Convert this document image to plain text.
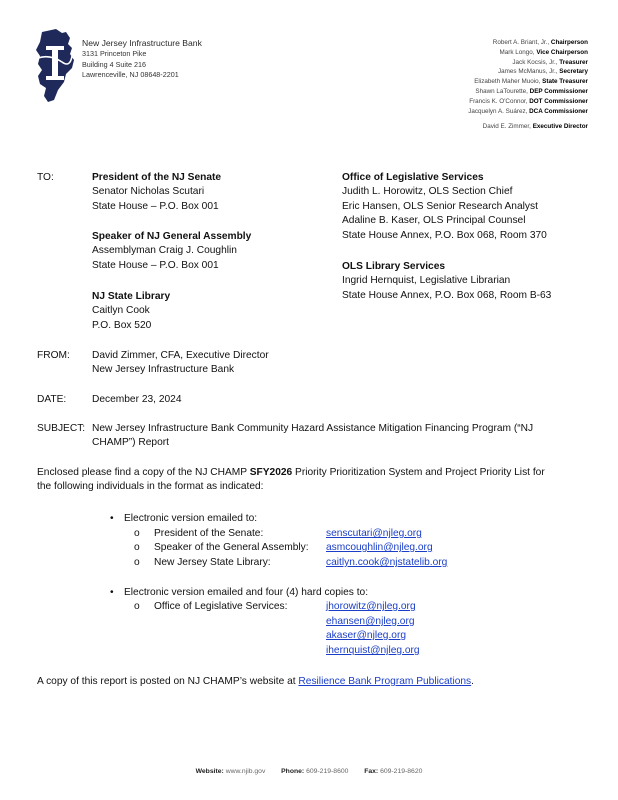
New Jersey Infrastructure Bank
3131 Princeton Pike
Building 4 Suite 216
Lawrenceville, NJ 08648-2201
Robert A. Briant, Jr., Chairperson
Mark Longo, Vice Chairperson
Jack Kocsis, Jr., Treasurer
James McManus, Jr., Secretary
Elizabeth Maher Muoio, State Treasurer
Shawn LaTourette, DEP Commissioner
Francis K. O'Connor, DOT Commissioner
Jacquelyn A. Suárez, DCA Commissioner
David E. Zimmer, Executive Director
TO:	President of the NJ Senate
Senator Nicholas Scutari
State House – P.O. Box 001
Speaker of NJ General Assembly
Assemblyman Craig J. Coughlin
State House – P.O. Box 001
NJ State Library
Caitlyn Cook
P.O. Box 520
Office of Legislative Services
Judith L. Horowitz, OLS Section Chief
Eric Hansen, OLS Senior Research Analyst
Adaline B. Kaser, OLS Principal Counsel
State House Annex, P.O. Box 068, Room 370
OLS Library Services
Ingrid Hernquist, Legislative Librarian
State House Annex, P.O. Box 068, Room B-63
FROM: David Zimmer, CFA, Executive Director
New Jersey Infrastructure Bank
DATE:	December 23, 2024
SUBJECT: New Jersey Infrastructure Bank Community Hazard Assistance Mitigation Financing Program (“NJ
CHAMP”) Report
Enclosed please find a copy of the NJ CHAMP SFY2026 Priority Prioritization System and Project Priority List for
the following individuals in the format as indicated:
• Electronic version emailed to:
o President of the Senate:	senscutari@njleg.org
o Speaker of the General Assembly: asmcoughlin@njleg.org
o New Jersey State Library:	caitlyn.cook@njstatelib.org
• Electronic version emailed and four (4) hard copies to:
o Office of Legislative Services:	jhorowitz@njleg.org
ehansen@njleg.org
akaser@njleg.org
ihernquist@njleg.org
A copy of this report is posted on NJ CHAMP’s website at Resilience Bank Program Publications.
Website: www.njib.gov Phone: 609-219-8600 Fax: 609-219-8620
